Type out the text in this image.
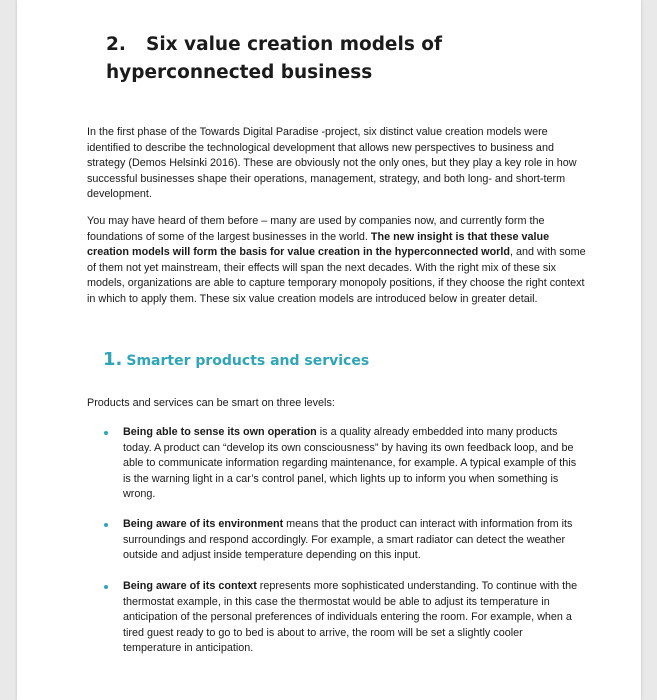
2. Six value creation models of
hyperconnected business
In the first phase of the Towards Digital Paradise -project, six distinct value creation models were identified to describe the technological development that allows new perspectives to business and strategy (Demos Helsinki 2016). These are obviously not the only ones, but they play a key role in how successful businesses shape their operations, management, strategy, and both long- and short-term development.
You may have heard of them before – many are used by companies now, and currently form the foundations of some of the largest businesses in the world. The new insight is that these value creation models will form the basis for value creation in the hyperconnected world, and with some of them not yet mainstream, their effects will span the next decades. With the right mix of these six models, organizations are able to capture temporary monopoly positions, if they choose the right context in which to apply them. These six value creation models are introduced below in greater detail.
1. Smarter products and services
Products and services can be smart on three levels:
Being able to sense its own operation is a quality already embedded into many products today. A product can “develop its own consciousness” by having its own feedback loop, and be able to communicate information regarding maintenance, for example. A typical example of this is the warning light in a car’s control panel, which lights up to inform you when something is wrong.
Being aware of its environment means that the product can interact with information from its surroundings and respond accordingly. For example, a smart radiator can detect the weather outside and adjust inside temperature depending on this input.
Being aware of its context represents more sophisticated understanding. To continue with the thermostat example, in this case the thermostat would be able to adjust its temperature in anticipation of the personal preferences of individuals entering the room. For example, when a tired guest ready to go to bed is about to arrive, the room will be set a slightly cooler temperature in anticipation.
